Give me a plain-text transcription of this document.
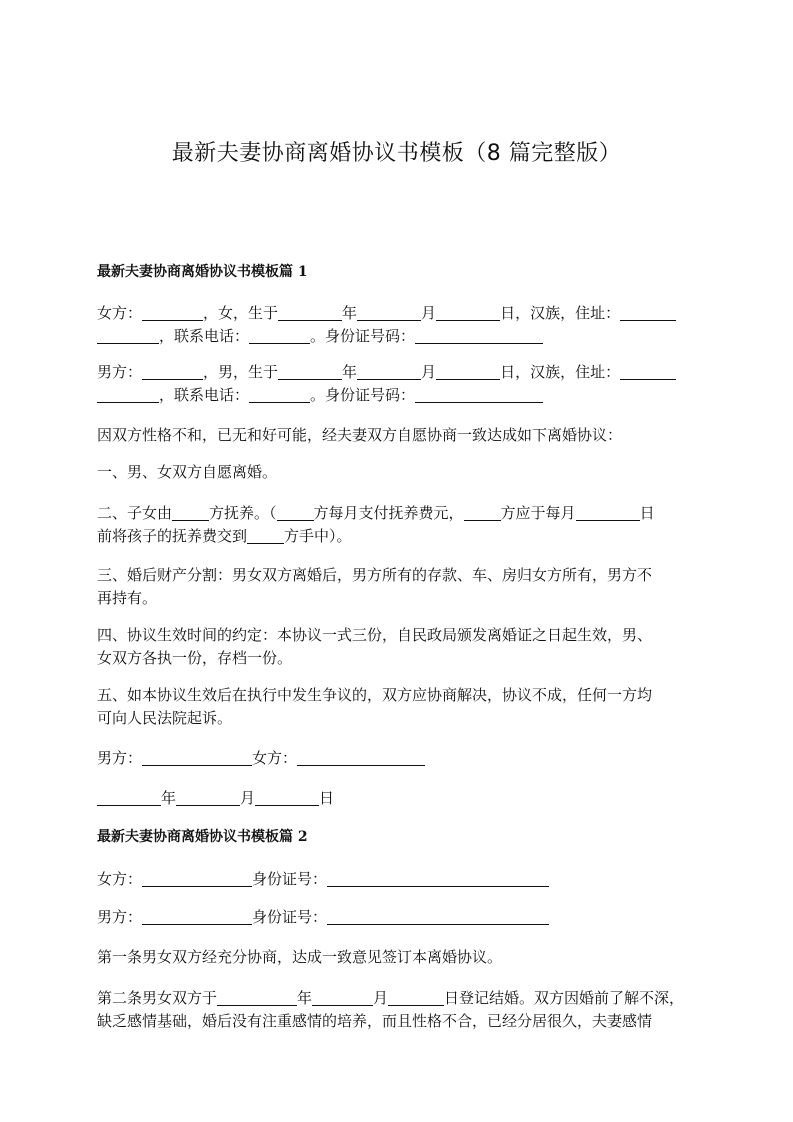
最新夫妻协商离婚协议书模板（8 篇完整版）
最新夫妻协商离婚协议书模板篇 1
女方：	，女，生于	年	月	日，汉族，住址：
，联系电话：	。身份证号码：
男方：	，男，生于	年	月	日，汉族，住址：
，联系电话：	。身份证号码：
因双方性格不和，已无和好可能，经夫妻双方自愿协商一致达成如下离婚协议：
一、男、女双方自愿离婚。
二、子女由 方抚养。（ 方每月支付抚养费元， 方应于每月	日
前将孩子的抚养费交到 方手中）。
三、婚后财产分割：男女双方离婚后，男方所有的存款、车、房归女方所有，男方不
再持有。
四、协议生效时间的约定：本协议一式三份，自民政局颁发离婚证之日起生效，男、
女双方各执一份，存档一份。
五、如本协议生效后在执行中发生争议的，双方应协商解决，协议不成，任何一方均
可向人民法院起诉。
男方：	女方：
年	月	日
最新夫妻协商离婚协议书模板篇 2
女方：	身份证号：
男方：	身份证号：
第一条男女双方经充分协商，达成一致意见签订本离婚协议。
第二条男女双方于	年	月	日登记结婚。双方因婚前了解不深，
缺乏感情基础，婚后没有注重感情的培养，而且性格不合，已经分居很久，夫妻感情
